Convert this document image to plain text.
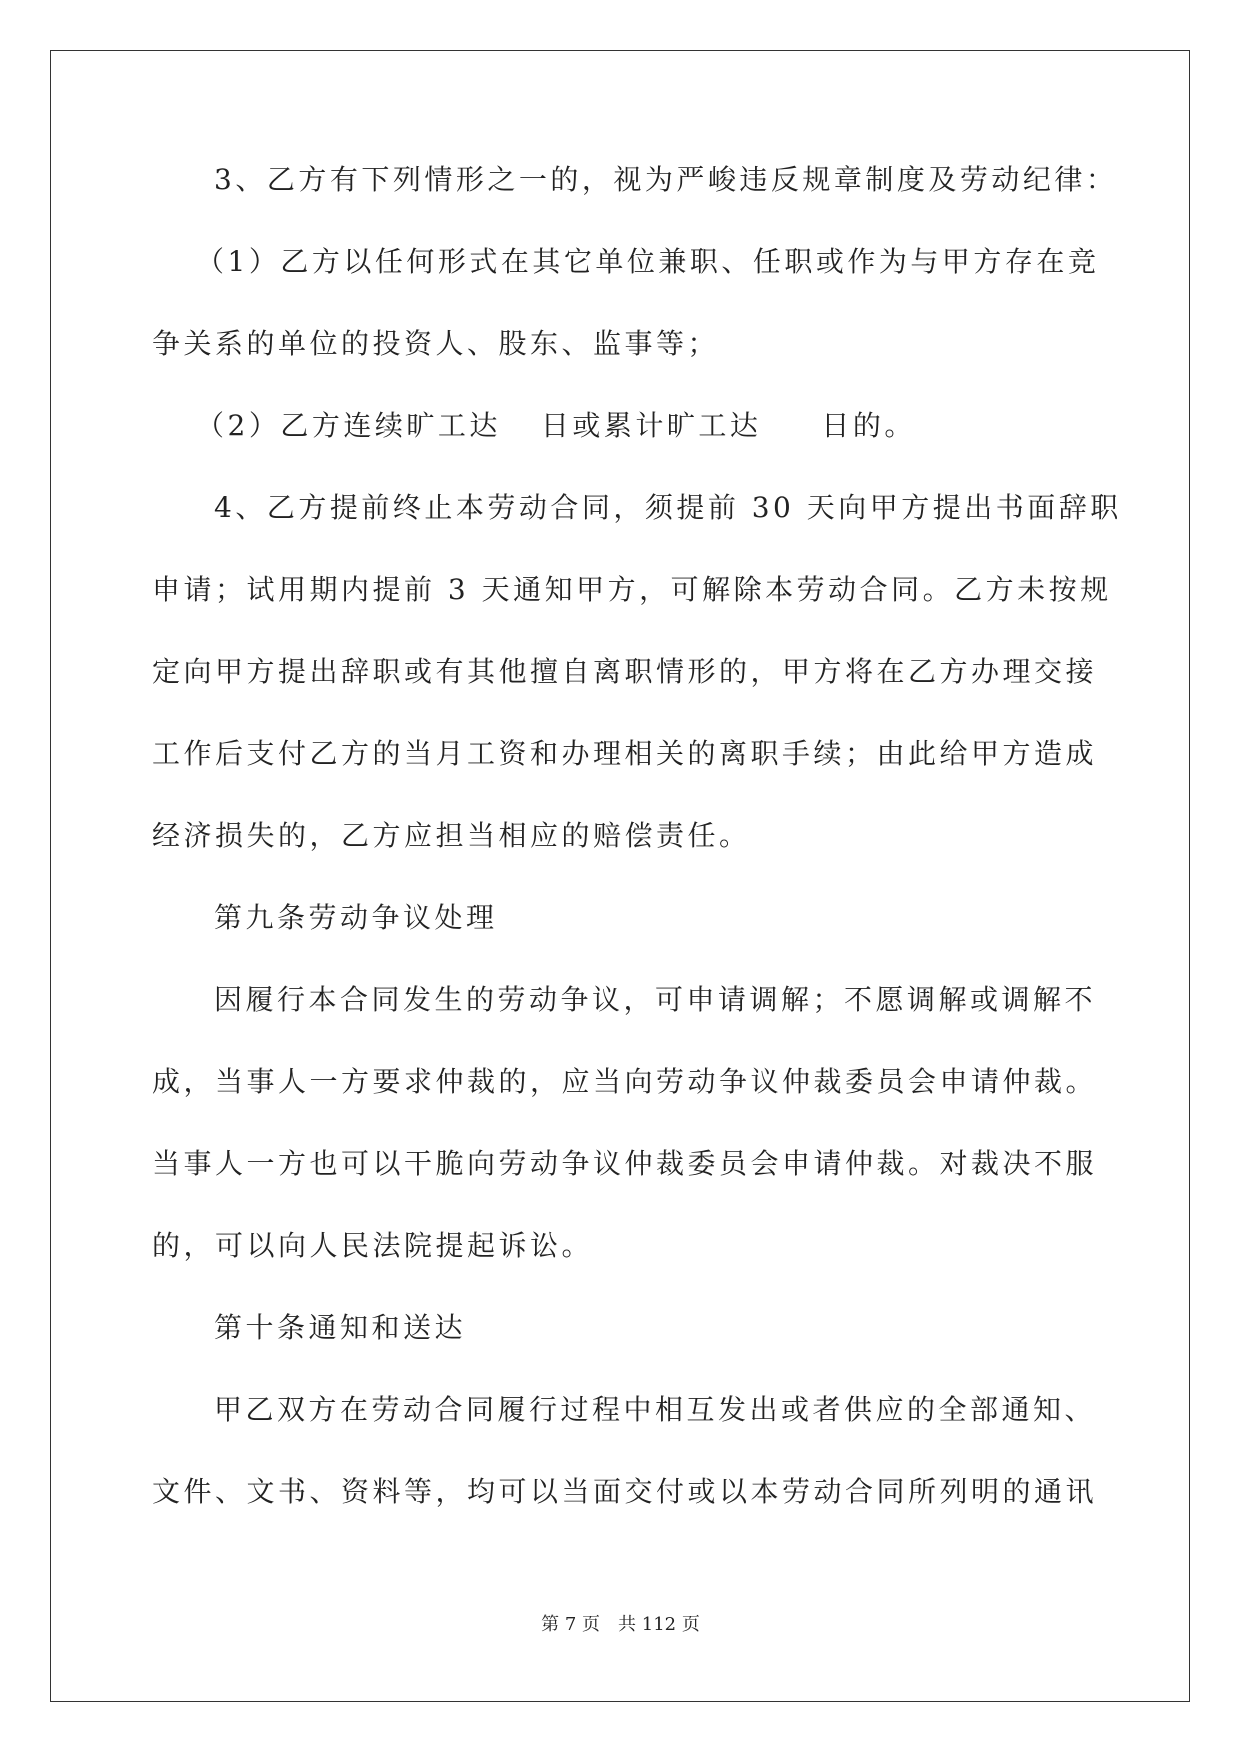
3、乙方有下列情形之一的，视为严峻违反规章制度及劳动纪律：
（1）乙方以任何形式在其它单位兼职、任职或作为与甲方存在竞
争关系的单位的投资人、股东、监事等；
（2）乙方连续旷工达 日或累计旷工达 日的。
4、乙方提前终止本劳动合同，须提前 30 天向甲方提出书面辞职
申请；试用期内提前 3 天通知甲方，可解除本劳动合同。乙方未按规
定向甲方提出辞职或有其他擅自离职情形的，甲方将在乙方办理交接
工作后支付乙方的当月工资和办理相关的离职手续；由此给甲方造成
经济损失的，乙方应担当相应的赔偿责任。
第九条劳动争议处理
因履行本合同发生的劳动争议，可申请调解；不愿调解或调解不
成，当事人一方要求仲裁的，应当向劳动争议仲裁委员会申请仲裁。
当事人一方也可以干脆向劳动争议仲裁委员会申请仲裁。对裁决不服
的，可以向人民法院提起诉讼。
第十条通知和送达
甲乙双方在劳动合同履行过程中相互发出或者供应的全部通知、
文件、文书、资料等，均可以当面交付或以本劳动合同所列明的通讯
第 7 页 共 112 页
